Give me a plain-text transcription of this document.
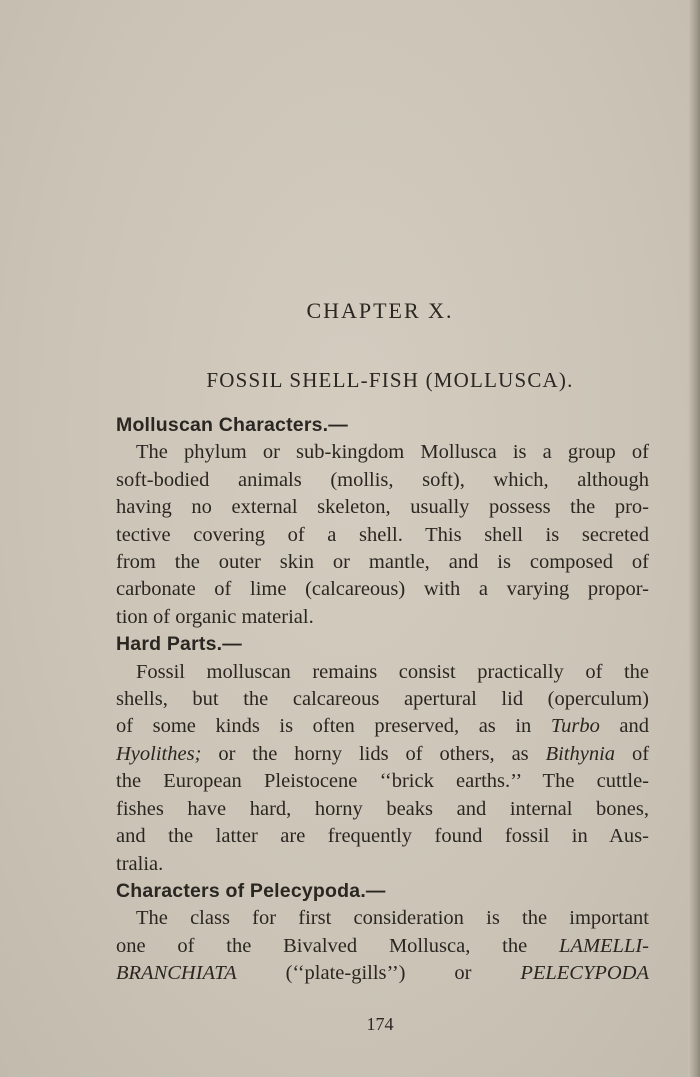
CHAPTER X.
FOSSIL SHELL-FISH (MOLLUSCA).
Molluscan Characters.—
The phylum or sub-kingdom Mollusca is a group of
soft-bodied animals (mollis, soft), which, although
having no external skeleton, usually possess the pro-
tective covering of a shell. This shell is secreted
from the outer skin or mantle, and is composed of
carbonate of lime (calcareous) with a varying propor-
tion of organic material.
Hard Parts.—
Fossil molluscan remains consist practically of the
shells, but the calcareous apertural lid (operculum)
of some kinds is often preserved, as in Turbo and
Hyolithes; or the horny lids of others, as Bithynia of
the European Pleistocene ‘‘brick earths.’’ The cuttle-
fishes have hard, horny beaks and internal bones,
and the latter are frequently found fossil in Aus-
tralia.
Characters of Pelecypoda.—
The class for first consideration is the important
one of the Bivalved Mollusca, the LAMELLI-
BRANCHIATA (‘‘plate-gills’’) or PELECYPODA
174
